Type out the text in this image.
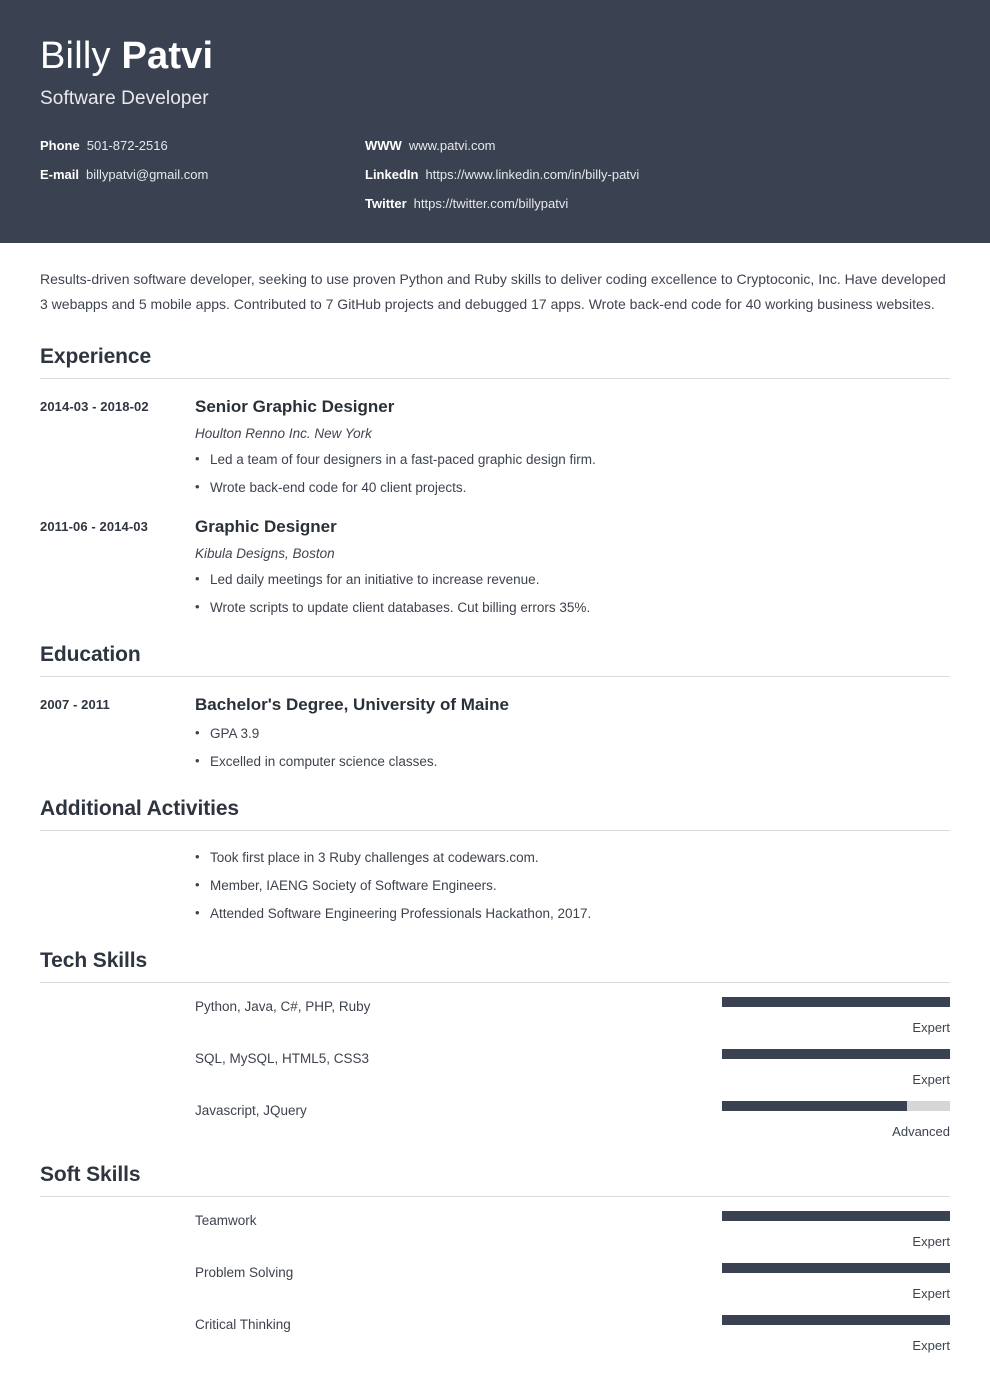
Billy Patvi
Software Developer
Phone 501-872-2516
E-mail billypatvi@gmail.com
WWW www.patvi.com
LinkedIn https://www.linkedin.com/in/billy-patvi
Twitter https://twitter.com/billypatvi

Results-driven software developer, seeking to use proven Python and Ruby skills to deliver coding excellence to Cryptoconic, Inc. Have developed 3 webapps and 5 mobile apps. Contributed to 7 GitHub projects and debugged 17 apps. Wrote back-end code for 40 working business websites.

Experience
2014-03 - 2018-02	Senior Graphic Designer
Houlton Renno Inc. New York
• Led a team of four designers in a fast-paced graphic design firm.
• Wrote back-end code for 40 client projects.
2011-06 - 2014-03	Graphic Designer
Kibula Designs, Boston
• Led daily meetings for an initiative to increase revenue.
• Wrote scripts to update client databases. Cut billing errors 35%.
Education
2007 - 2011	Bachelor's Degree, University of Maine
• GPA 3.9
• Excelled in computer science classes.
Additional Activities
• Took first place in 3 Ruby challenges at codewars.com.
• Member, IAENG Society of Software Engineers.
• Attended Software Engineering Professionals Hackathon, 2017.
Tech Skills
Python, Java, C#, PHP, Ruby
Expert
SQL, MySQL, HTML5, CSS3
Expert
Javascript, JQuery
Advanced
Soft Skills
Teamwork
Expert
Problem Solving
Expert
Critical Thinking
Expert
